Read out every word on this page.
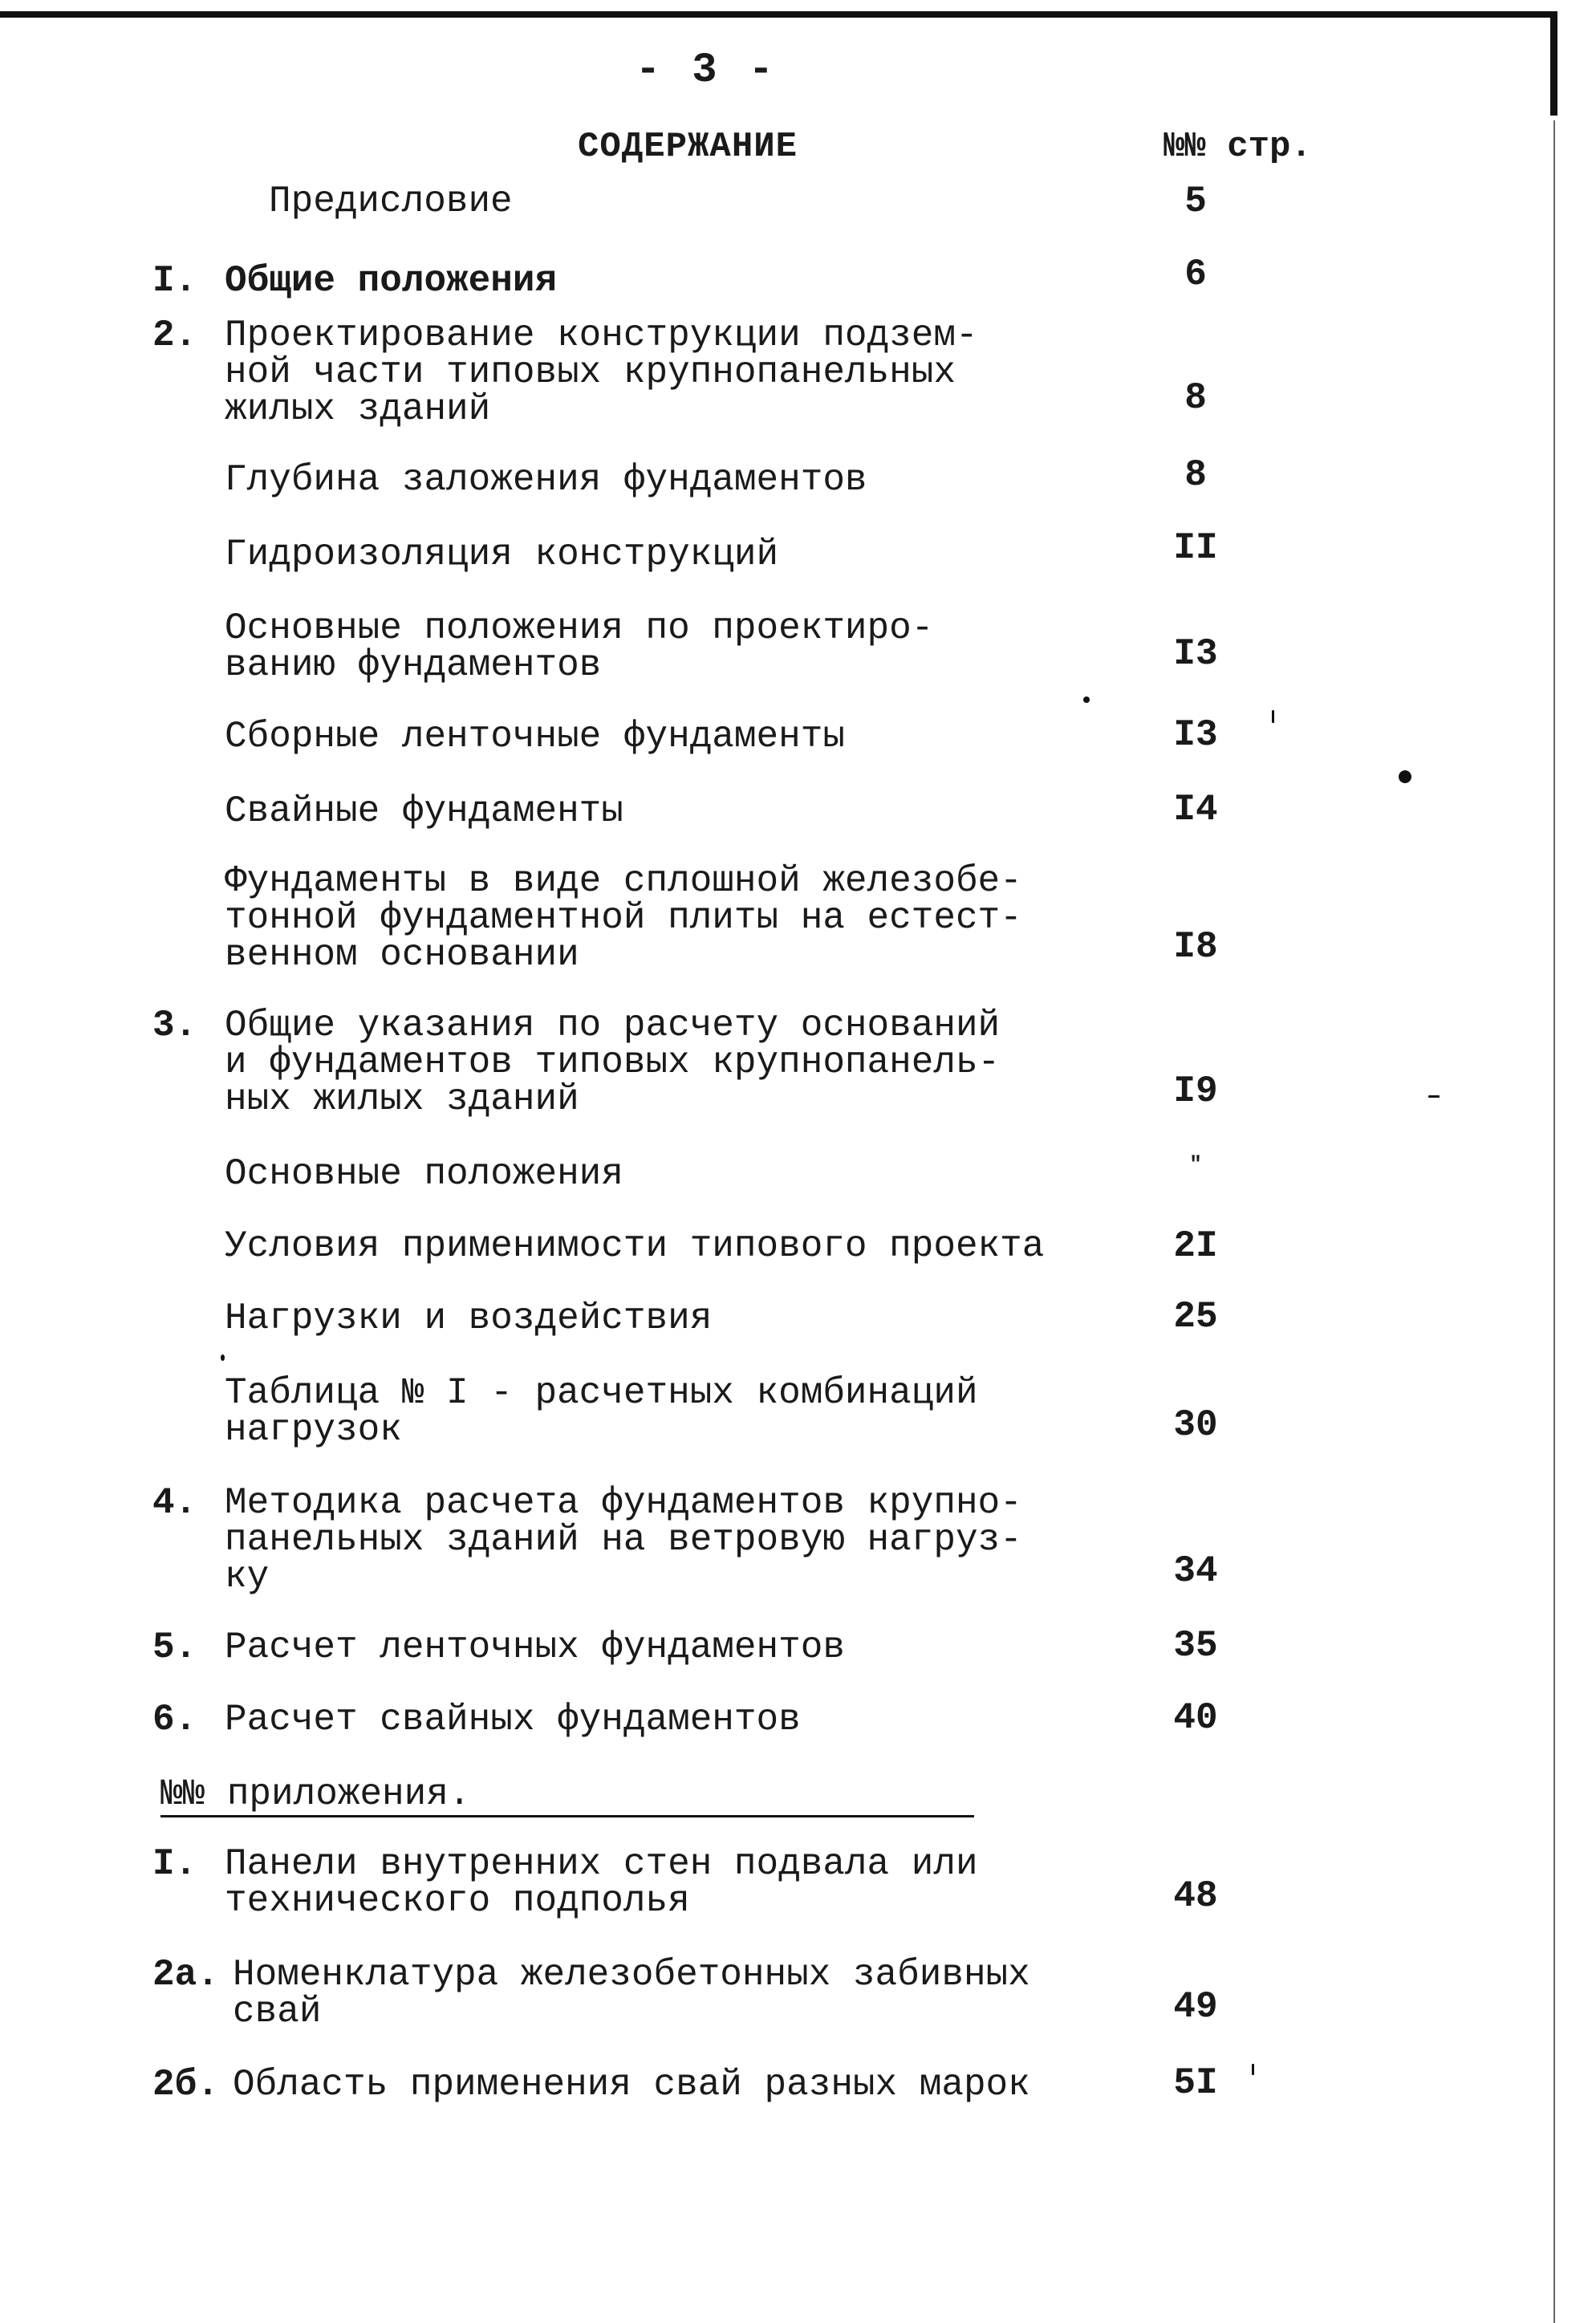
- 3 -
СОДЕРЖАНИЕ	№№ стр.
Предисловие	5
I. Общие положения	6
2. Проектирование конструкции подзем-
ной части типовых крупнопанельных
жилых зданий	8
Глубина заложения фундаментов	8
Гидроизоляция конструкций	II
Основные положения по проектиро-
ванию фундаментов	I3
Сборные ленточные фундаменты	I3
Свайные фундаменты	I4
Фундаменты в виде сплошной железобе-
тонной фундаментной плиты на естест-
венном основании	I8
3. Общие указания по расчету оснований
и фундаментов типовых крупнопанель-
ных жилых зданий	I9
Основные положения	"
Условия применимости типового проекта	2I
Нагрузки и воздействия	25
Таблица № I - расчетных комбинаций
нагрузок	30
4. Методика расчета фундаментов крупно-
панельных зданий на ветровую нагруз-
ку	34
5. Расчет ленточных фундаментов	35
6. Расчет свайных фундаментов	40
№№ приложения.
I. Панели внутренних стен подвала или
технического подполья	48
2а. Номенклатура железобетонных забивных
свай	49
2б. Область применения свай разных марок	5I
